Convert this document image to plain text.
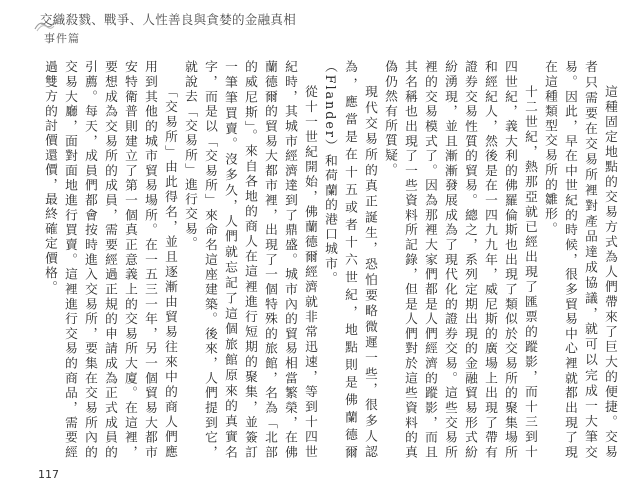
交織殺戮、戰爭、人性善良與貪婪的金融真相
事件篇

這種固定地點的交易方式為人們帶來了巨大的便捷。交易者只需要在交易所裡對產品達成協議，就可以完成一大筆交易。因此，早在中世紀的時候，很多貿易中心裡就都出現了現在這種類型交易所的雛形。

十二世紀，熱那亞就已經出現了匯票的蹤影，而十三到十四世紀，義大利的佛羅倫斯也出現了類似於交易所的聚集場所和經紀人，然後是在一四九九年，威尼斯的廣場上出現了帶有證券交易性質的貿易。總之，系列定期出現的金融貿易形式紛紛湧現，並且漸漸發展成為了現代化的證券交易。這些交易所裡的交易模式了。因為那裡大家們都是人們經濟的蹤影，而且其名稱也出現了一些資料所記錄，但是人們對於這些資料的真偽仍然有所質疑。

現代交易所的真正誕生，恐怕要略微遲一些，很多人認為，應當是在十五或者十六世紀，地點則是佛蘭德爾（Flander）和荷蘭的港口城市。

從十一世紀開始，佛蘭德爾經濟就非常迅速，等到十四世紀時，其城市經濟達到了鼎盛。城市內的貿易相當繁榮，在佛蘭德爾的貿易大都市裡，出現了一個特殊的旅館，名為「北部的威尼斯」。來自各地的商人在這裡進行短期的聚集，並簽訂一筆筆買賣。沒多久，人們就忘記了這個旅館原來的真實名字，而是以「交易所」來命名這座建築。後來，人們提到它，就說去「交易所」進行交易。

「交易所」由此得名，並且逐漸由貿易往來中的商人們應用到其他的城市貿易場所。在一五三一年，另一個貿易大都市安特衛普則建立了第一個真正意義上的交易所大廈。在這裡，要想成為交易所的成員，需要經過正規的申請成為正式成員的引薦。每天，成員們都會按時進入交易所，要集在交易所內的交易大廳，面對面地進行買賣。這裡進行交易的商品，需要經過雙方的討價還價，最終確定價格。

117
